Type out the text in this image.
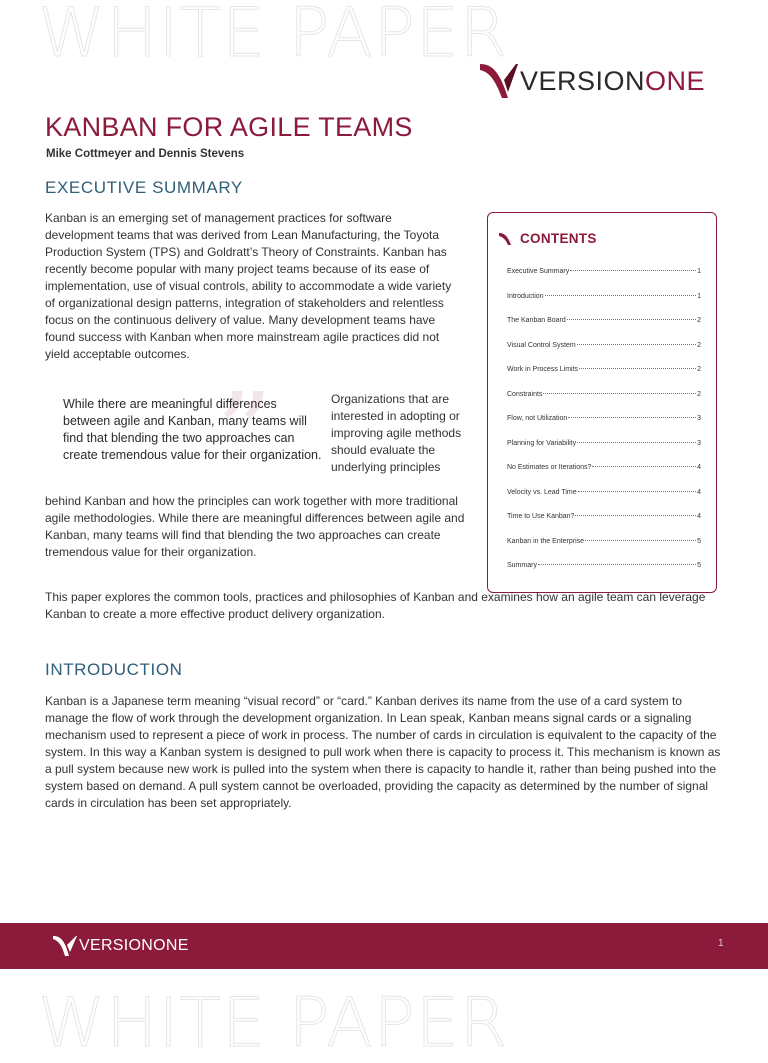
WHITE PAPER
VERSIONONE
KANBAN FOR AGILE TEAMS
Mike Cottmeyer and Dennis Stevens
EXECUTIVE SUMMARY

Kanban is an emerging set of management practices for software development teams that was derived from Lean Manufacturing, the Toyota Production System (TPS) and Goldratt’s Theory of Constraints. Kanban has recently become popular with many project teams because of its ease of implementation, use of visual controls, ability to accommodate a wide variety of organizational design patterns, integration of stakeholders and relentless focus on the continuous delivery of value. Many development teams have found success with Kanban when more mainstream agile practices did not yield acceptable outcomes.

”

While there are meaningful differences between agile and Kanban, many teams will find that blending the two approaches can create tremendous value for their organization.

Organizations that are interested in adopting or improving agile methods should evaluate the underlying principles

behind Kanban and how the principles can work together with more traditional agile methodologies. While there are meaningful differences between agile and Kanban, many teams will find that blending the two approaches can create tremendous value for their organization.

This paper explores the common tools, practices and philosophies of Kanban and examines how an agile team can leverage Kanban to create a more effective product delivery organization.

INTRODUCTION

Kanban is a Japanese term meaning “visual record” or “card.” Kanban derives its name from the use of a card system to manage the flow of work through the development organization. In Lean speak, Kanban means signal cards or a signaling mechanism used to represent a piece of work in process. The number of cards in circulation is equivalent to the capacity of the system. In this way a Kanban system is designed to pull work when there is capacity to process it. This mechanism is known as a pull system because new work is pulled into the system when there is capacity to handle it, rather than being pushed into the system based on demand. A pull system cannot be overloaded, providing the capacity as determined by the number of signal cards in circulation has been set appropriately.

CONTENTS
Executive Summary	1
Introduction	1
The Kanban Board	2
Visual Control System	2
Work in Process Limits	2
Constraints	2
Flow, not Utilization	3
Planning for Variability	3
No Estimates or Iterations?	4
Velocity vs. Lead Time	4
Time to Use Kanban?	4
Kanban in the Enterprise	5
Summary	5
VERSIONONE	1
WHITE PAPER
